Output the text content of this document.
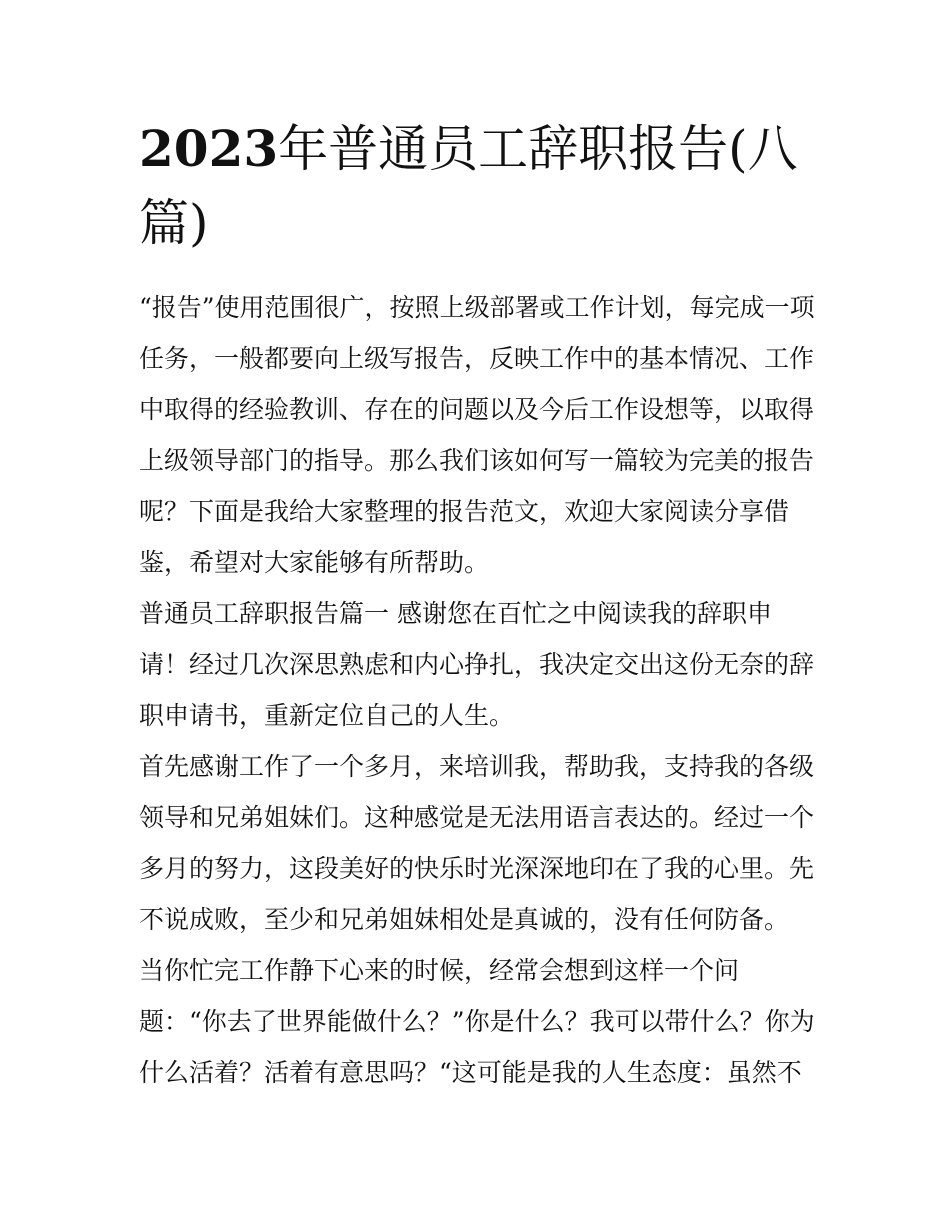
2023年普通员工辞职报告(八
篇)
“报告”使用范围很广，按照上级部署或工作计划，每完成一项
任务，一般都要向上级写报告，反映工作中的基本情况、工作
中取得的经验教训、存在的问题以及今后工作设想等，以取得
上级领导部门的指导。那么我们该如何写一篇较为完美的报告
呢？下面是我给大家整理的报告范文，欢迎大家阅读分享借
鉴，希望对大家能够有所帮助。
普通员工辞职报告篇一 感谢您在百忙之中阅读我的辞职申
请！经过几次深思熟虑和内心挣扎，我决定交出这份无奈的辞
职申请书，重新定位自己的人生。
首先感谢工作了一个多月，来培训我，帮助我，支持我的各级
领导和兄弟姐妹们。这种感觉是无法用语言表达的。经过一个
多月的努力，这段美好的快乐时光深深地印在了我的心里。先
不说成败，至少和兄弟姐妹相处是真诚的，没有任何防备。
当你忙完工作静下心来的时候，经常会想到这样一个问
题：“你去了世界能做什么？”你是什么？我可以带什么？你为
什么活着？活着有意思吗？“这可能是我的人生态度：虽然不
